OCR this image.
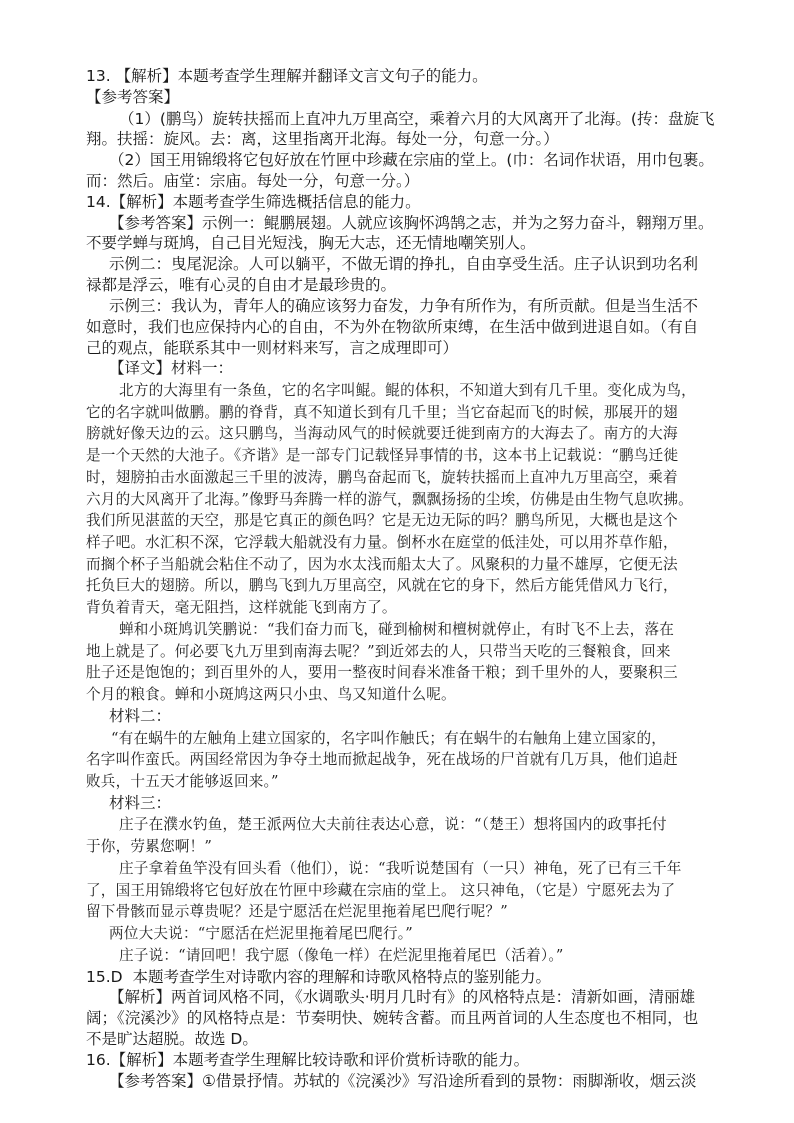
13. 【解析】本题考查学生理解并翻译文言文句子的能力。
【参考答案】
（1）(鹏鸟）旋转扶摇而上直冲九万里高空，乘着六月的大风离开了北海。(抟：盘旋飞
翔。扶摇：旋风。去：离，这里指离开北海。每处一分，句意一分。）
（2）国王用锦缎将它包好放在竹匣中珍藏在宗庙的堂上。(巾：名词作状语，用巾包裹。
而：然后。庙堂：宗庙。每处一分，句意一分。）
14.【解析】本题考查学生筛选概括信息的能力。
【参考答案】示例一：鲲鹏展翅。人就应该胸怀鸿鹄之志，并为之努力奋斗，翱翔万里。
不要学蝉与斑鸠，自己目光短浅，胸无大志，还无情地嘲笑别人。
示例二：曳尾泥涂。人可以躺平，不做无谓的挣扎，自由享受生活。庄子认识到功名利
禄都是浮云，唯有心灵的自由才是最珍贵的。
示例三：我认为，青年人的确应该努力奋发，力争有所作为，有所贡献。但是当生活不
如意时，我们也应保持内心的自由，不为外在物欲所束缚，在生活中做到进退自如。（有自
己的观点，能联系其中一则材料来写，言之成理即可）
【译文】材料一：
北方的大海里有一条鱼，它的名字叫鲲。鲲的体积，不知道大到有几千里。变化成为鸟，
它的名字就叫做鹏。鹏的脊背，真不知道长到有几千里；当它奋起而飞的时候，那展开的翅
膀就好像天边的云。这只鹏鸟，当海动风气的时候就要迁徙到南方的大海去了。南方的大海
是一个天然的大池子。《齐谐》是一部专门记载怪异事情的书，这本书上记载说：“鹏鸟迁徙
时，翅膀拍击水面激起三千里的波涛，鹏鸟奋起而飞，旋转扶摇而上直冲九万里高空，乘着
六月的大风离开了北海。”像野马奔腾一样的游气，飘飘扬扬的尘埃，仿佛是由生物气息吹拂。
我们所见湛蓝的天空，那是它真正的颜色吗？它是无边无际的吗？鹏鸟所见，大概也是这个
样子吧。水汇积不深，它浮载大船就没有力量。倒杯水在庭堂的低洼处，可以用芥草作船，
而搁个杯子当船就会粘住不动了，因为水太浅而船太大了。风聚积的力量不雄厚，它便无法
托负巨大的翅膀。所以，鹏鸟飞到九万里高空，风就在它的身下，然后方能凭借风力飞行，
背负着青天，毫无阻挡，这样就能飞到南方了。
蝉和小斑鸠讥笑鹏说：“我们奋力而飞，碰到榆树和檀树就停止，有时飞不上去，落在
地上就是了。何必要飞九万里到南海去呢？”到近郊去的人，只带当天吃的三餐粮食，回来
肚子还是饱饱的；到百里外的人，要用一整夜时间舂米准备干粮；到千里外的人，要聚积三
个月的粮食。蝉和小斑鸠这两只小虫、鸟又知道什么呢。
材料二：
“有在蜗牛的左触角上建立国家的，名字叫作触氏；有在蜗牛的右触角上建立国家的，
名字叫作蛮氏。两国经常因为争夺土地而掀起战争，死在战场的尸首就有几万具，他们追赶
败兵，十五天才能够返回来。”
材料三：
庄子在濮水钓鱼，楚王派两位大夫前往表达心意，说：“（楚王）想将国内的政事托付
于你，劳累您啊！”
庄子拿着鱼竿没有回头看（他们），说：“我听说楚国有（一只）神龟，死了已有三千年
了，国王用锦缎将它包好放在竹匣中珍藏在宗庙的堂上。 这只神龟，（它是）宁愿死去为了
留下骨骸而显示尊贵呢？还是宁愿活在烂泥里拖着尾巴爬行呢？”
两位大夫说：“宁愿活在烂泥里拖着尾巴爬行。”
庄子说：“请回吧！我宁愿（像龟一样）在烂泥里拖着尾巴（活着）。”
15.D  本题考查学生对诗歌内容的理解和诗歌风格特点的鉴别能力。
【解析】两首词风格不同，《水调歌头·明月几时有》的风格特点是：清新如画，清丽雄
阔；《浣溪沙》的风格特点是：节奏明快、婉转含蓄。而且两首词的人生态度也不相同，也
不是旷达超脱。故选 D。
16.【解析】本题考查学生理解比较诗歌和评价赏析诗歌的能力。
【参考答案】①借景抒情。苏轼的《浣溪沙》写沿途所看到的景物：雨脚渐收，烟云淡
